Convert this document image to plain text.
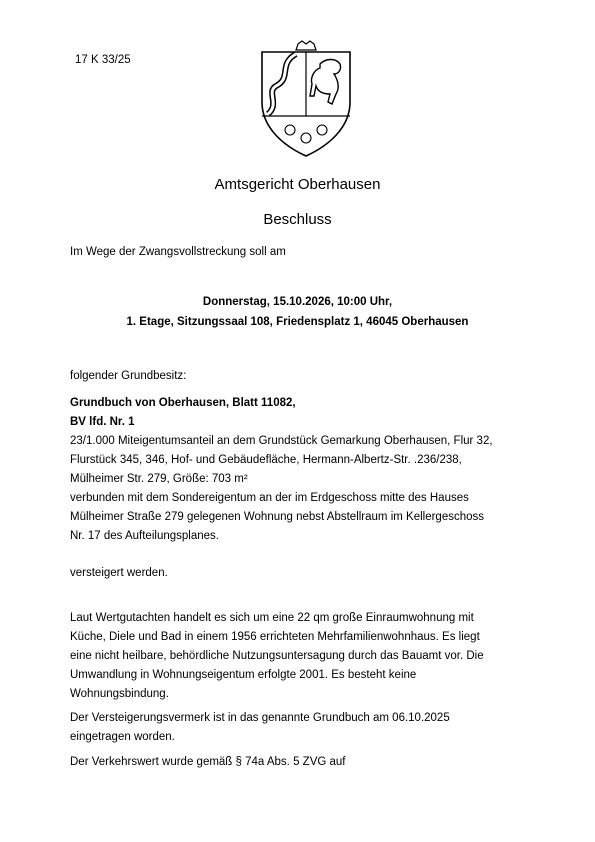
17 K 33/25
Amtsgericht Oberhausen
Beschluss
Im Wege der Zwangsvollstreckung soll am
Donnerstag, 15.10.2026, 10:00 Uhr,
1. Etage, Sitzungssaal 108, Friedensplatz 1, 46045 Oberhausen
folgender Grundbesitz:
Grundbuch von Oberhausen, Blatt 11082,
BV lfd. Nr. 1
23/1.000 Miteigentumsanteil an dem Grundstück Gemarkung Oberhausen, Flur 32,
Flurstück 345, 346, Hof- und Gebäudefläche, Hermann-Albertz-Str. .236/238,
Mülheimer Str. 279, Größe: 703 m²
verbunden mit dem Sondereigentum an der im Erdgeschoss mitte des Hauses
Mülheimer Straße 279 gelegenen Wohnung nebst Abstellraum im Kellergeschoss
Nr. 17 des Aufteilungsplanes.
versteigert werden.
Laut Wertgutachten handelt es sich um eine 22 qm große Einraumwohnung mit
Küche, Diele und Bad in einem 1956 errichteten Mehrfamilienwohnhaus. Es liegt
eine nicht heilbare, behördliche Nutzungsuntersagung durch das Bauamt vor. Die
Umwandlung in Wohnungseigentum erfolgte 2001. Es besteht keine
Wohnungsbindung.
Der Versteigerungsvermerk ist in das genannte Grundbuch am 06.10.2025
eingetragen worden.
Der Verkehrswert wurde gemäß § 74a Abs. 5 ZVG auf
